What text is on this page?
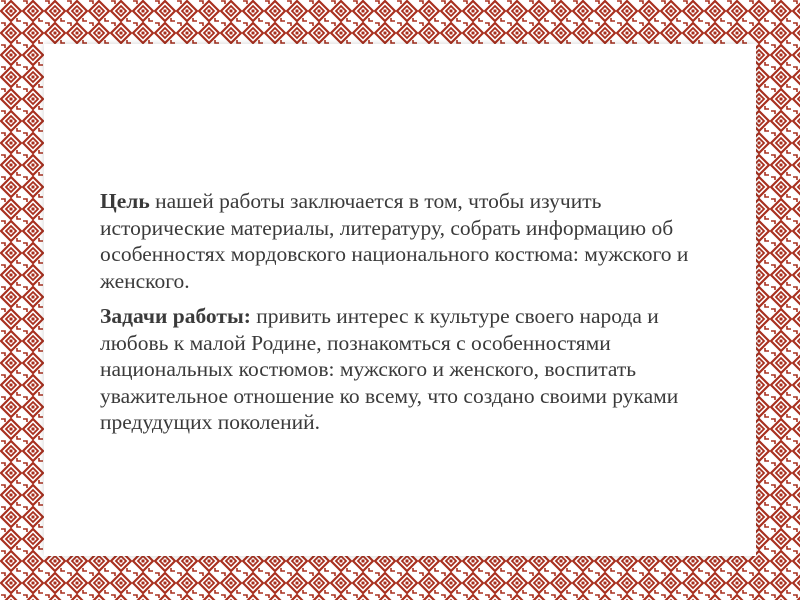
Цель нашей работы заключается в том, чтобы изучить исторические материалы, литературу, собрать информацию об особенностях мордовского национального костюма: мужского и женского.

Задачи работы: привить интерес к культуре своего народа и любовь к малой Родине, познакомться с особенностями национальных костюмов: мужского и женского, воспитать уважительное отношение ко всему, что создано своими руками предудущих поколений.
